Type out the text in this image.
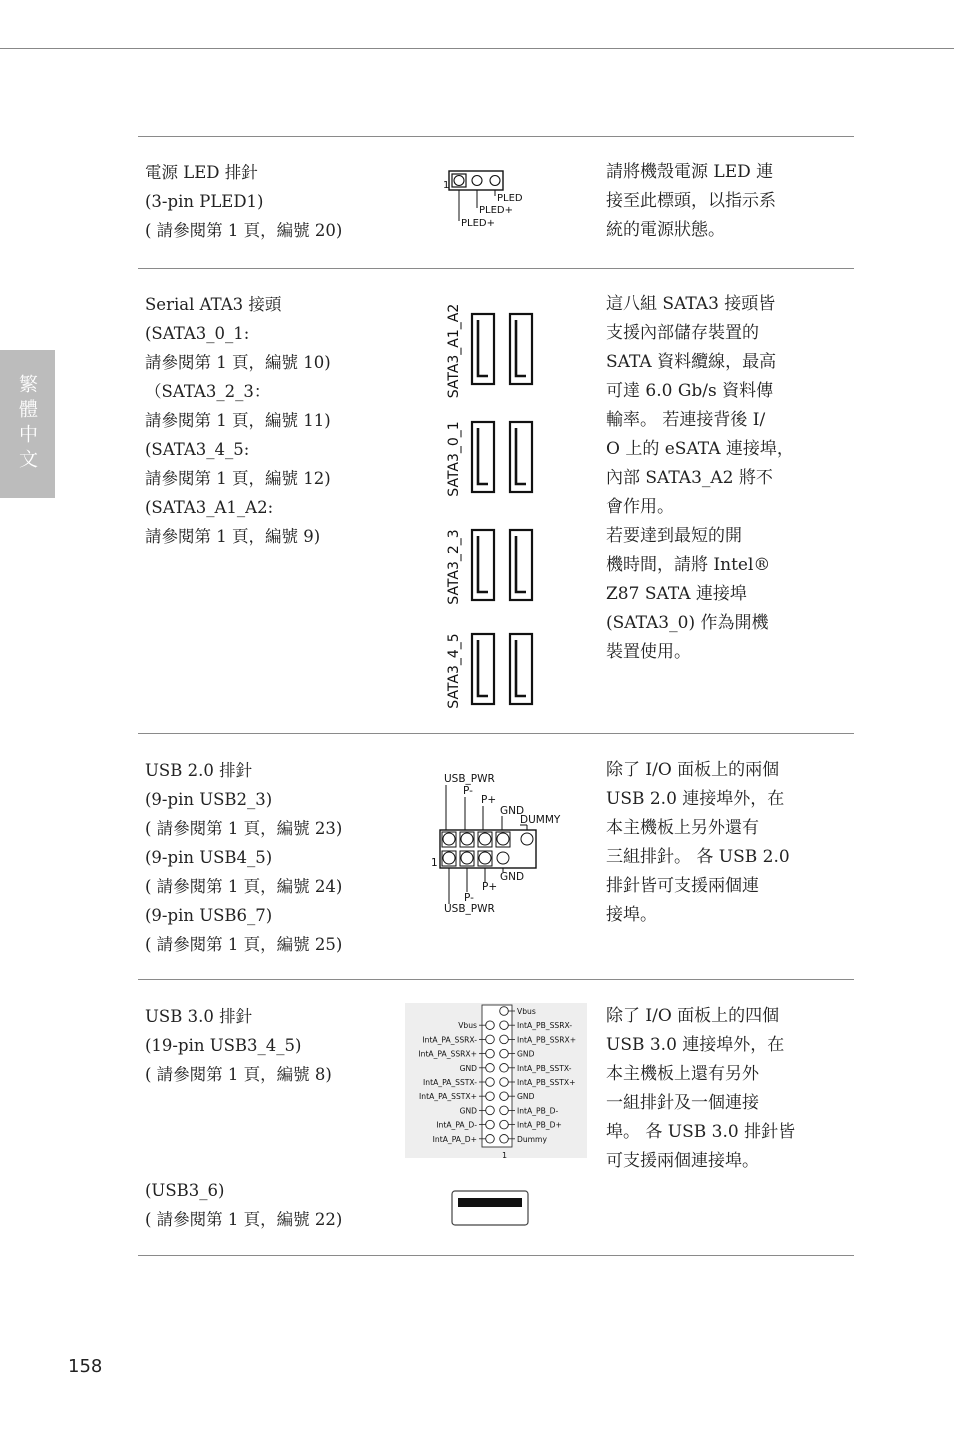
繁體中文
電源 LED 排針
(3-pin PLED1)
( 請參閱第 1 頁，編號 20)
1
PLED
PLED+
PLED+
請將機殼電源 LED 連
接至此標頭，以指示系
統的電源狀態。
Serial ATA3 接頭
(SATA3_0_1:
請參閱第 1 頁，編號 10)
（SATA3_2_3：
請參閱第 1 頁，編號 11)
(SATA3_4_5:
請參閱第 1 頁，編號 12)
(SATA3_A1_A2:
請參閱第 1 頁，編號 9)
SATA3_A1_A2
SATA3_0_1
SATA3_2_3
SATA3_4_5
這八組 SATA3 接頭皆
支援內部儲存裝置的
SATA 資料纜線，最高
可達 6.0 Gb/s 資料傳
輸率。 若連接背後 I/
O 上的 eSATA 連接埠，
內部 SATA3_A2 將不
會作用。
若要達到最短的開
機時間，請將 Intel®
Z87 SATA 連接埠
(SATA3_0) 作為開機
裝置使用。
USB 2.0 排針
(9-pin USB2_3)
( 請參閱第 1 頁，編號 23)
(9-pin USB4_5)
( 請參閱第 1 頁，編號 24)
(9-pin USB6_7)
( 請參閱第 1 頁，編號 25)
USB_PWR
P-
P+
GND
DUMMY
1
GND
P+
P-
USB_PWR
除了 I/O 面板上的兩個
USB 2.0 連接埠外，在
本主機板上另外還有
三組排針。 各 USB 2.0
排針皆可支援兩個連
接埠。
USB 3.0 排針
(19-pin USB3_4_5)
( 請參閱第 1 頁，編號 8)
(USB3_6)
( 請參閱第 1 頁，編號 22)
Vbus
IntA_PB_SSRX-
IntA_PB_SSRX+
GND
IntA_PB_SSTX-
IntA_PB_SSTX+
GND
IntA_PB_D-
IntA_PB_D+
Dummy
Vbus
IntA_PA_SSRX-
IntA_PA_SSRX+
GND
IntA_PA_SSTX-
IntA_PA_SSTX+
GND
IntA_PA_D-
IntA_PA_D+
1
除了 I/O 面板上的四個
USB 3.0 連接埠外，在
本主機板上還有另外
一組排針及一個連接
埠。 各 USB 3.0 排針皆
可支援兩個連接埠。
158
